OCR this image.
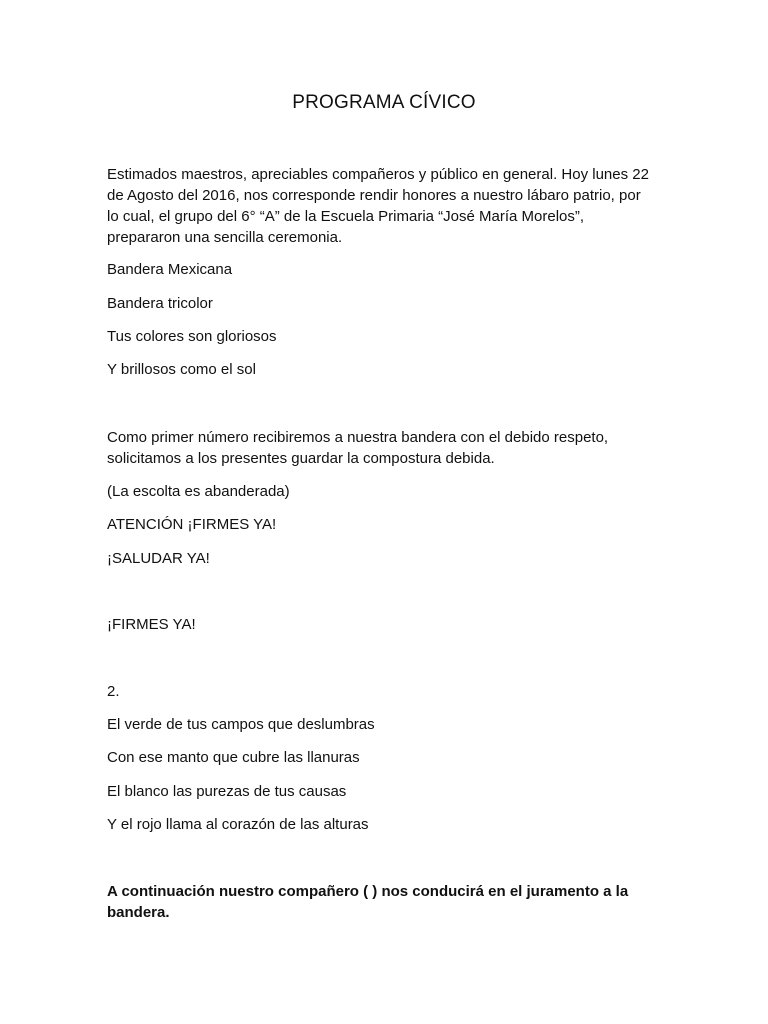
PROGRAMA CÍVICO
Estimados maestros, apreciables compañeros y público en general. Hoy lunes 22
de Agosto del 2016, nos corresponde rendir honores a nuestro lábaro patrio, por
lo cual, el grupo del 6° “A” de la Escuela Primaria “José María Morelos”,
prepararon una sencilla ceremonia.
Bandera Mexicana
Bandera tricolor
Tus colores son gloriosos
Y brillosos como el sol
Como primer número recibiremos a nuestra bandera con el debido respeto,
solicitamos a los presentes guardar la compostura debida.
(La escolta es abanderada)
ATENCIÓN ¡FIRMES YA!
¡SALUDAR YA!
¡FIRMES YA!
2.
El verde de tus campos que deslumbras
Con ese manto que cubre las llanuras
El blanco las purezas de tus causas
Y el rojo llama al corazón de las alturas
A continuación nuestro compañero ( ) nos conducirá en el juramento a la
bandera.
